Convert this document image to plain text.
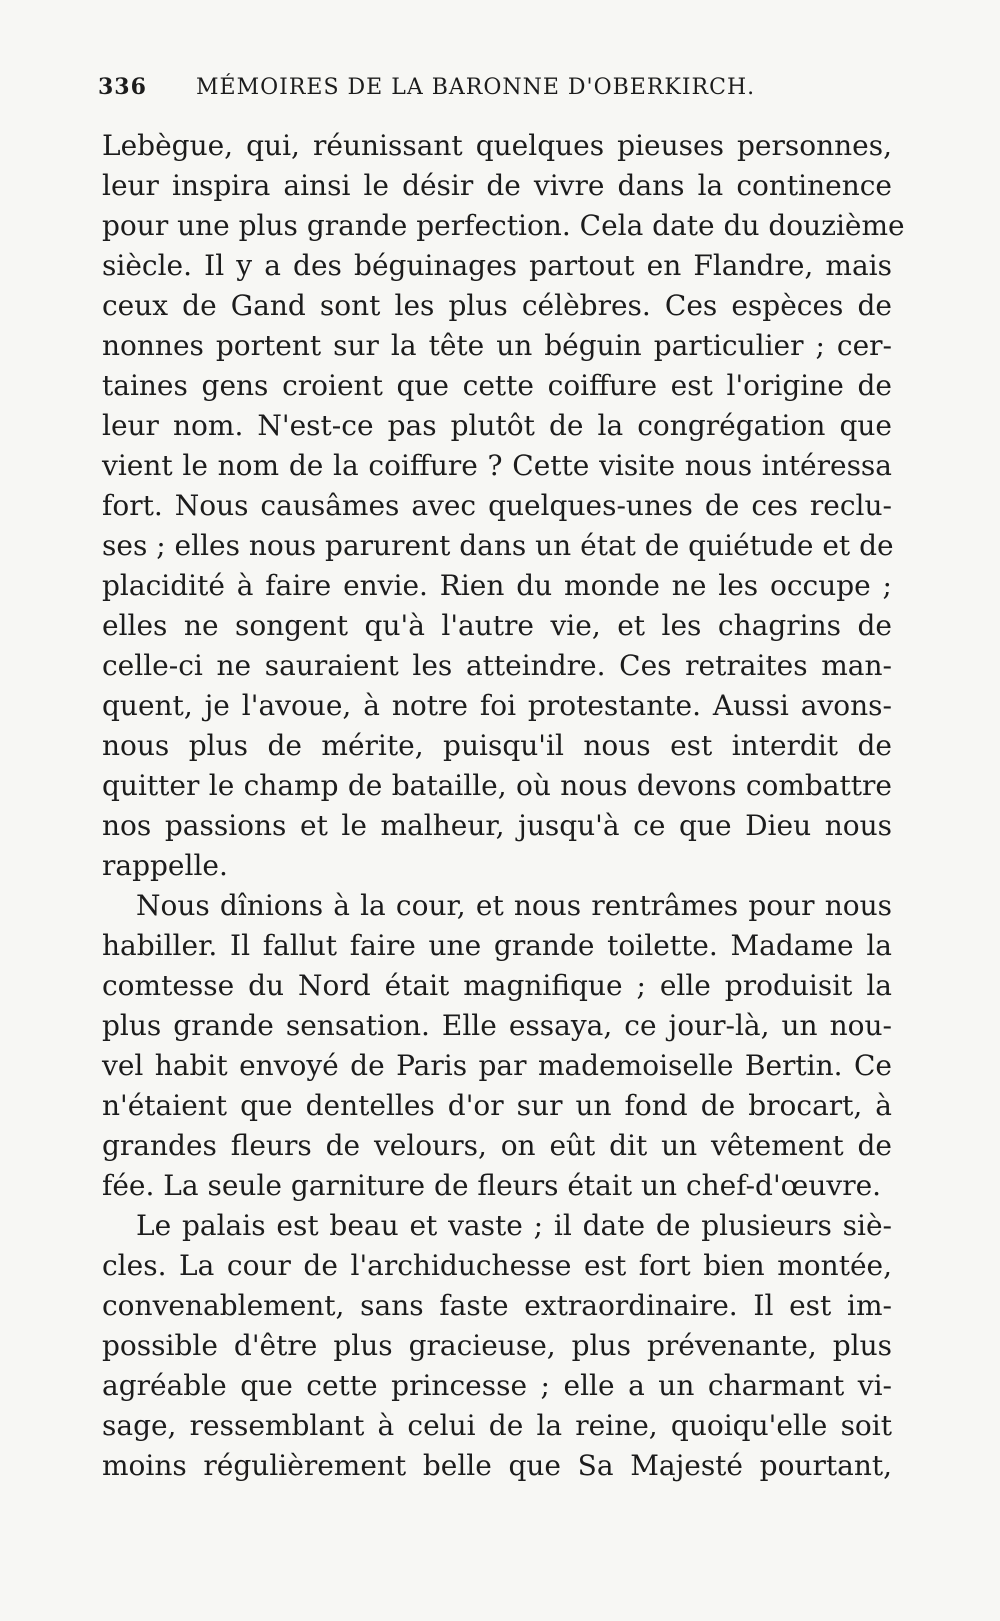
336 MÉMOIRES DE LA BARONNE D'OBERKIRCH.
Lebègue, qui, réunissant quelques pieuses personnes,
leur inspira ainsi le désir de vivre dans la continence
pour une plus grande perfection. Cela date du douzième
siècle. Il y a des béguinages partout en Flandre, mais
ceux de Gand sont les plus célèbres. Ces espèces de
nonnes portent sur la tête un béguin particulier ; cer-
taines gens croient que cette coiffure est l'origine de
leur nom. N'est-ce pas plutôt de la congrégation que
vient le nom de la coiffure ? Cette visite nous intéressa
fort. Nous causâmes avec quelques-unes de ces reclu-
ses ; elles nous parurent dans un état de quiétude et de
placidité à faire envie. Rien du monde ne les occupe ;
elles ne songent qu'à l'autre vie, et les chagrins de
celle-ci ne sauraient les atteindre. Ces retraites man-
quent, je l'avoue, à notre foi protestante. Aussi avons-
nous plus de mérite, puisqu'il nous est interdit de
quitter le champ de bataille, où nous devons combattre
nos passions et le malheur, jusqu'à ce que Dieu nous
rappelle.
Nous dînions à la cour, et nous rentrâmes pour nous
habiller. Il fallut faire une grande toilette. Madame la
comtesse du Nord était magnifique ; elle produisit la
plus grande sensation. Elle essaya, ce jour-là, un nou-
vel habit envoyé de Paris par mademoiselle Bertin. Ce
n'étaient que dentelles d'or sur un fond de brocart, à
grandes fleurs de velours, on eût dit un vêtement de
fée. La seule garniture de fleurs était un chef-d'œuvre.
Le palais est beau et vaste ; il date de plusieurs siè-
cles. La cour de l'archiduchesse est fort bien montée,
convenablement, sans faste extraordinaire. Il est im-
possible d'être plus gracieuse, plus prévenante, plus
agréable que cette princesse ; elle a un charmant vi-
sage, ressemblant à celui de la reine, quoiqu'elle soit
moins régulièrement belle que Sa Majesté pourtant,
